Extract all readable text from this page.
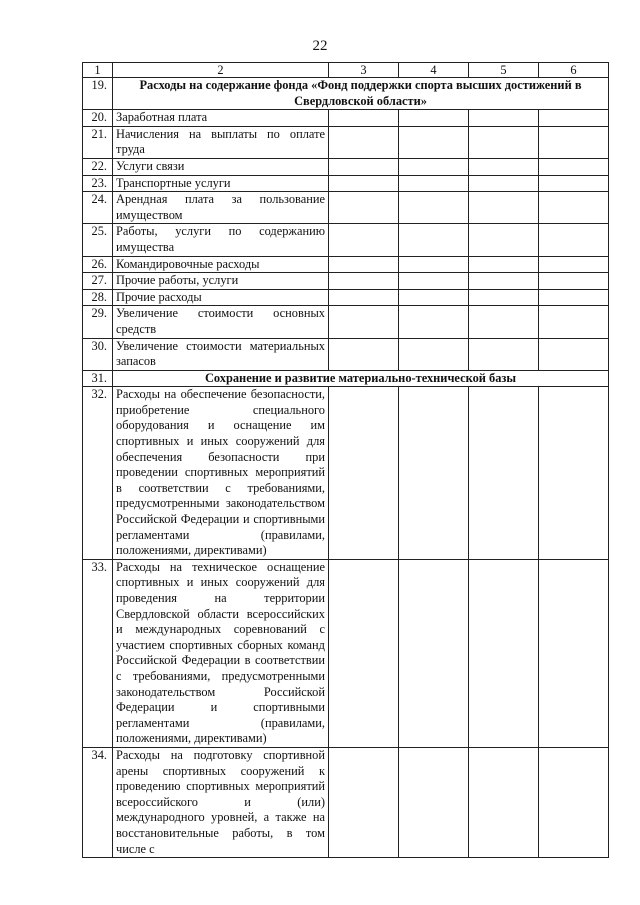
22
1	2	3	4	5	6
19.	Расходы на содержание фонда «Фонд поддержки спорта высших достижений в Свердловской области»				
20.	Заработная плата				
21.	Начисления на выплаты по оплате труда				
22.	Услуги связи				
23.	Транспортные услуги				
24.	Арендная плата за пользование имуществом				
25.	Работы, услуги по содержанию имущества				
26.	Командировочные расходы				
27.	Прочие работы, услуги				
28.	Прочие расходы				
29.	Увеличение стоимости основных средств				
30.	Увеличение стоимости материальных запасов				
31.	Сохранение и развитие материально-технической базы				
32.	Расходы на обеспечение безопасности, приобретение специального оборудования и оснащение им спортивных и иных сооружений для обеспечения безопасности при проведении спортивных мероприятий в соответствии с требованиями, предусмотренными законодательством Российской Федерации и спортивными регламентами (правилами, положениями, директивами)				
33.	Расходы на техническое оснащение спортивных и иных сооружений для проведения на территории Свердловской области всероссийских и международных соревнований с участием спортивных сборных команд Российской Федерации в соответствии с требованиями, предусмотренными законодательством Российской Федерации и спортивными регламентами (правилами, положениями, директивами)				
34.	Расходы на подготовку спортивной арены спортивных сооружений к проведению спортивных мероприятий всероссийского и (или) международного уровней, а также на восстановительные работы, в том числе с				
